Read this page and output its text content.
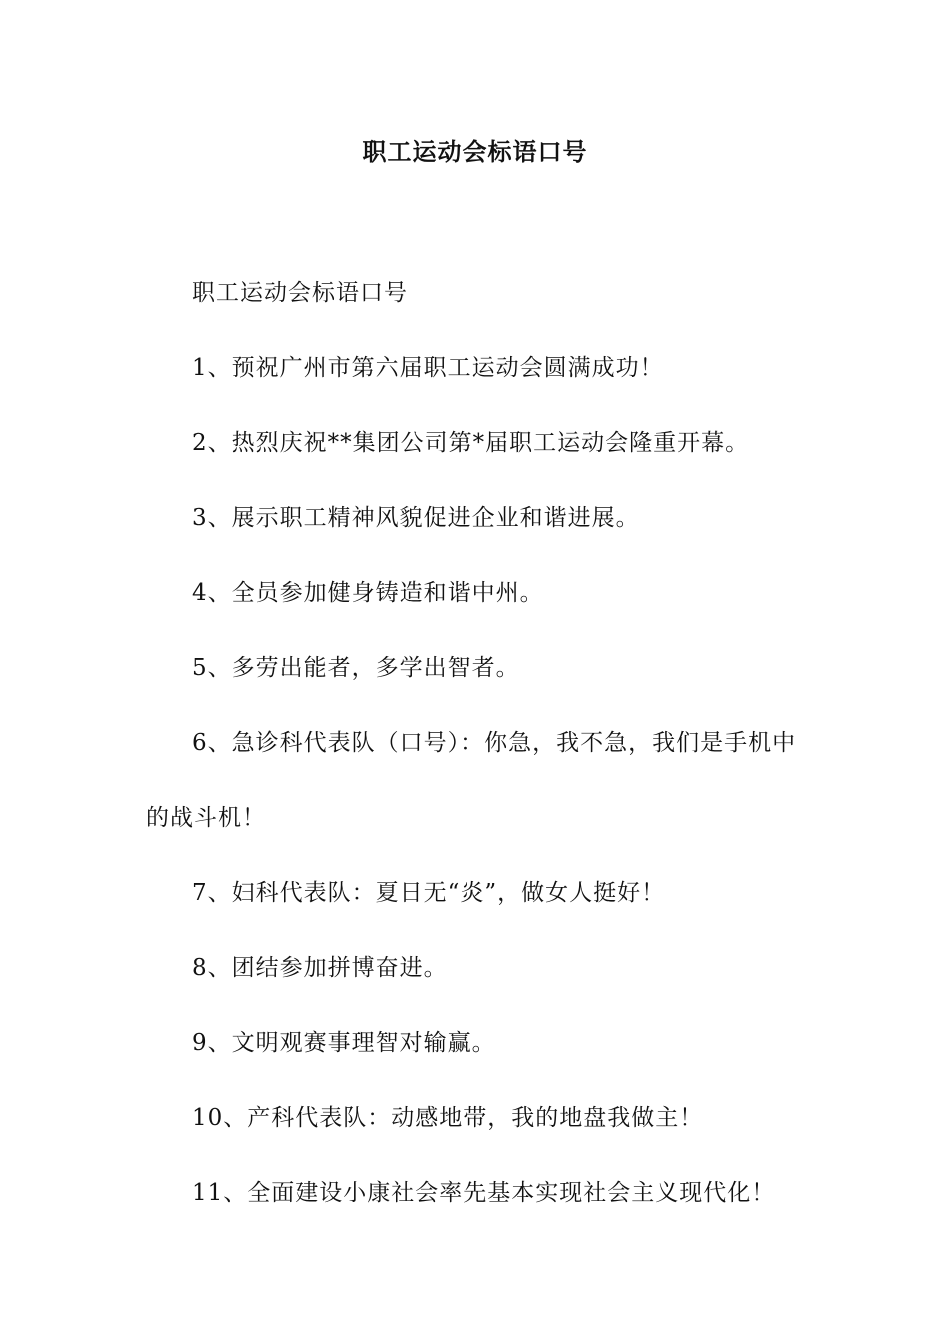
职工运动会标语口号

职工运动会标语口号

1、预祝广州市第六届职工运动会圆满成功！

2、热烈庆祝**集团公司第*届职工运动会隆重开幕。

3、展示职工精神风貌促进企业和谐进展。

4、全员参加健身铸造和谐中州。

5、多劳出能者，多学出智者。

6、急诊科代表队（口号）：你急，我不急，我们是手机中的战斗机！

7、妇科代表队：夏日无“炎”，做女人挺好！

8、团结参加拼博奋进。

9、文明观赛事理智对输赢。

10、产科代表队：动感地带，我的地盘我做主！

11、全面建设小康社会率先基本实现社会主义现代化！
